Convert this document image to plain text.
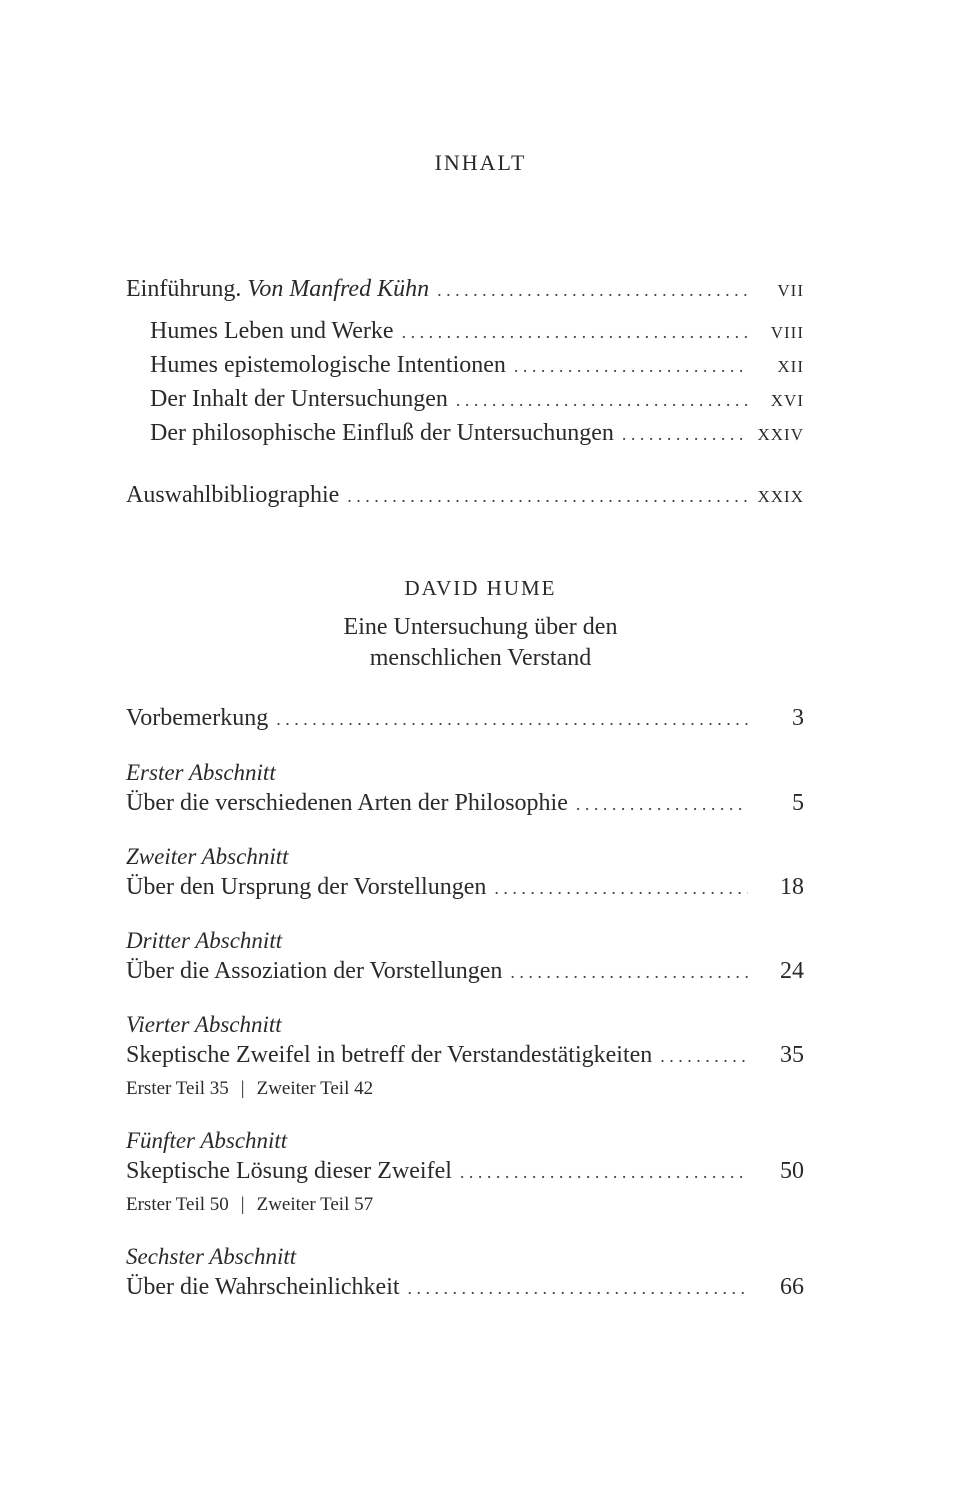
INHALT
Einführung. Von Manfred Kühn . . .	VII
Humes Leben und Werke . . .	VIII
Humes epistemologische Intentionen . . .	XII
Der Inhalt der Untersuchungen . . .	XVI
Der philosophische Einfluß der Untersuchungen . . .	XXIV
Auswahlbibliographie . . .	XXIX
DAVID HUME
Eine Untersuchung über den
menschlichen Verstand
Vorbemerkung . . .	3
Erster Abschnitt
Über die verschiedenen Arten der Philosophie . . .	5
Zweiter Abschnitt
Über den Ursprung der Vorstellungen . . .	18
Dritter Abschnitt
Über die Assoziation der Vorstellungen . . .	24
Vierter Abschnitt
Skeptische Zweifel in betreff der Verstandestätigkeiten . . .	35
Erster Teil 35 | Zweiter Teil 42
Fünfter Abschnitt
Skeptische Lösung dieser Zweifel . . .	50
Erster Teil 50 | Zweiter Teil 57
Sechster Abschnitt
Über die Wahrscheinlichkeit . . .	66
